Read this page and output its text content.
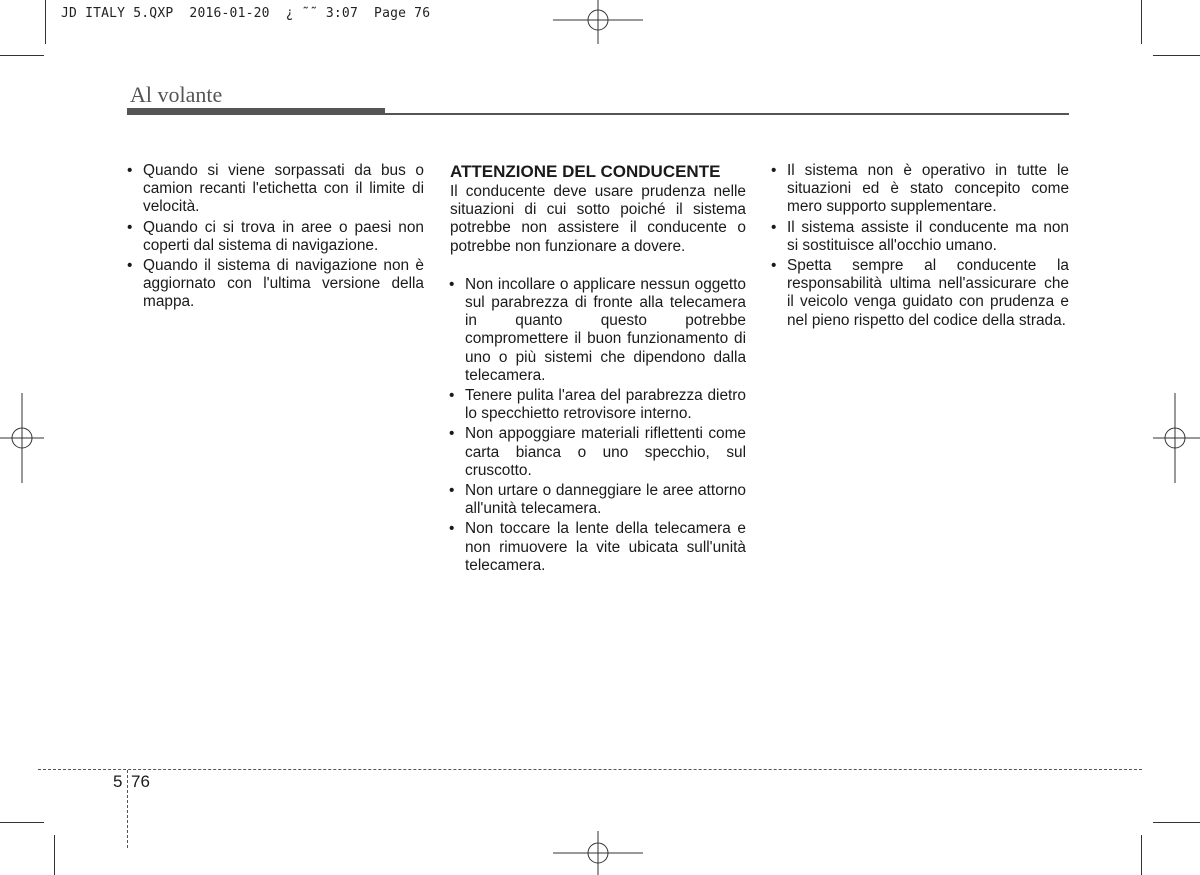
JD ITALY 5.QXP  2016-01-20  ¿ ˜˜ 3:07  Page 76
Al volante
• Quando si viene sorpassati da bus o camion recanti l'etichetta con il limite di velocità.
• Quando ci si trova in aree o paesi non coperti dal sistema di navigazione.
• Quando il sistema di navigazione non è aggiornato con l'ultima versione della mappa.
ATTENZIONE DEL CONDUCENTE

Il conducente deve usare prudenza nelle situazioni di cui sotto poiché il sistema potrebbe non assistere il conducente o potrebbe non funzionare a dovere.

• Non incollare o applicare nessun oggetto sul parabrezza di fronte alla telecamera in quanto questo potrebbe compromettere il buon funzionamento di uno o più sistemi che dipendono dalla telecamera.
• Tenere pulita l'area del parabrezza dietro lo specchietto retrovisore interno.
• Non appoggiare materiali riflettenti come carta bianca o uno specchio, sul cruscotto.
• Non urtare o danneggiare le aree attorno all'unità telecamera.
• Non toccare la lente della telecamera e non rimuovere la vite ubicata sull'unità telecamera.
• Il sistema non è operativo in tutte le situazioni ed è stato concepito come mero supporto supplementare.
• Il sistema assiste il conducente ma non si sostituisce all'occhio umano.
• Spetta sempre al conducente la responsabilità ultima nell'assicurare che il veicolo venga guidato con prudenza e nel pieno rispetto del codice della strada.
5 76
